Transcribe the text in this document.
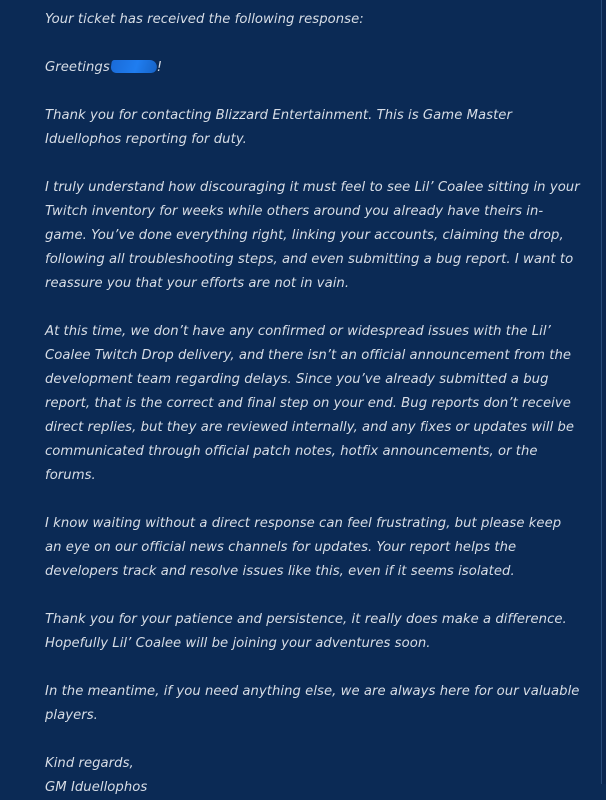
Your ticket has received the following response:

Greetings	!

Thank you for contacting Blizzard Entertainment. This is Game Master Iduellophos reporting for duty.

I truly understand how discouraging it must feel to see Lil’ Coalee sitting in your Twitch inventory for weeks while others around you already have theirs in-game. You’ve done everything right, linking your accounts, claiming the drop, following all troubleshooting steps, and even submitting a bug report. I want to reassure you that your efforts are not in vain.

At this time, we don’t have any confirmed or widespread issues with the Lil’ Coalee Twitch Drop delivery, and there isn’t an official announcement from the development team regarding delays. Since you’ve already submitted a bug report, that is the correct and final step on your end. Bug reports don’t receive direct replies, but they are reviewed internally, and any fixes or updates will be communicated through official patch notes, hotfix announcements, or the forums.

I know waiting without a direct response can feel frustrating, but please keep an eye on our official news channels for updates. Your report helps the developers track and resolve issues like this, even if it seems isolated.

Thank you for your patience and persistence, it really does make a difference. Hopefully Lil’ Coalee will be joining your adventures soon.

In the meantime, if you need anything else, we are always here for our valuable players.

Kind regards,

GM Iduellophos
